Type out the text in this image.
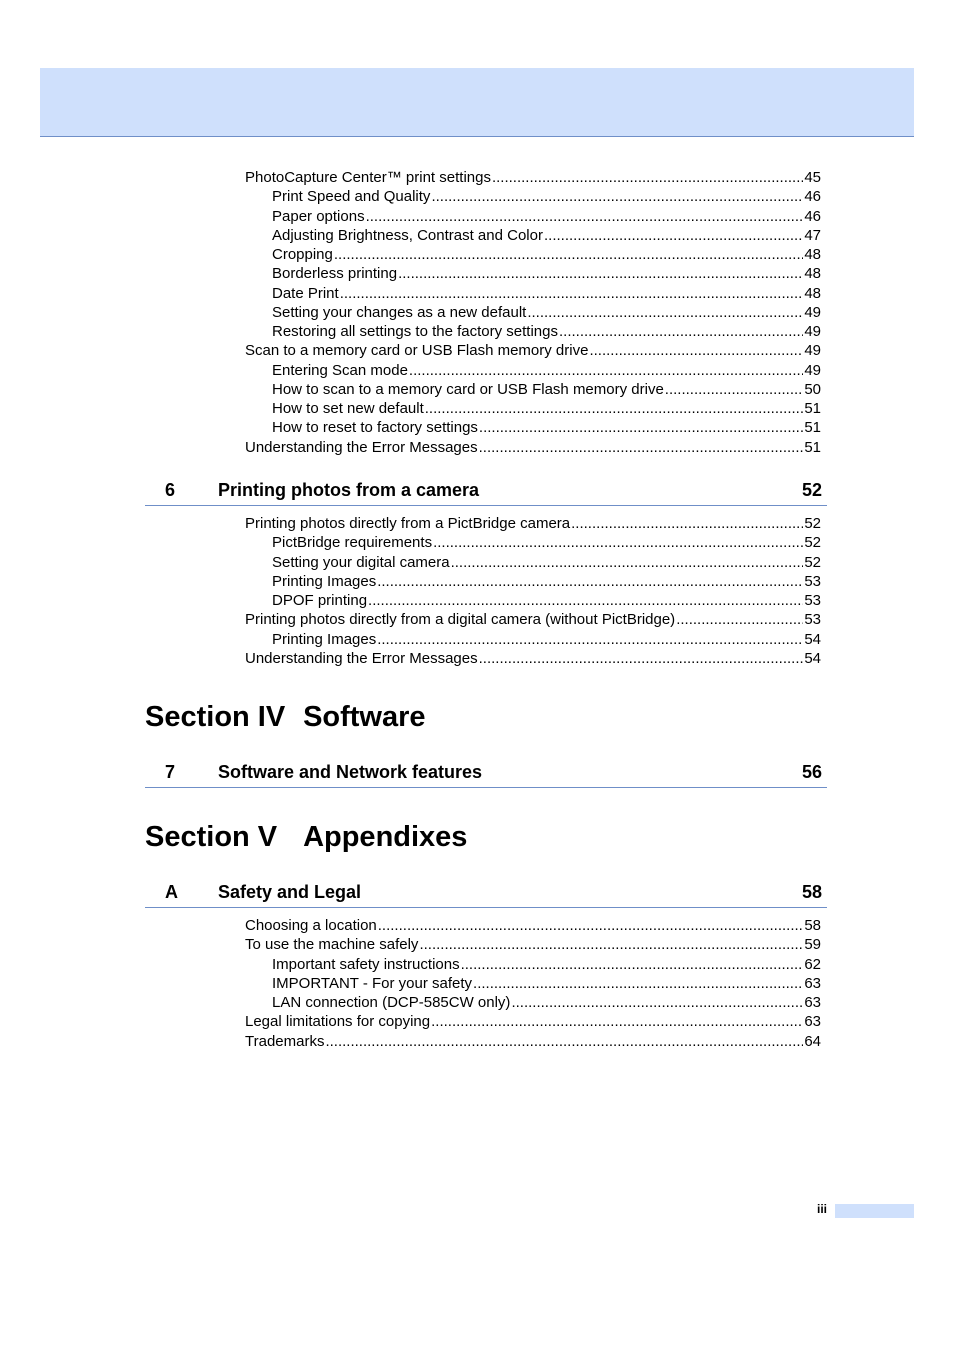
PhotoCapture Center™ print settings .....	45
Print Speed and Quality .....	46
Paper options .....	46
Adjusting Brightness, Contrast and Color .....	47
Cropping .....	48
Borderless printing .....	48
Date Print .....	48
Setting your changes as a new default .....	49
Restoring all settings to the factory settings .....	49
Scan to a memory card or USB Flash memory drive .....	49
Entering Scan mode .....	49
How to scan to a memory card or USB Flash memory drive .....	50
How to set new default .....	51
How to reset to factory settings .....	51
Understanding the Error Messages .....	51
6 Printing photos from a camera	52
Printing photos directly from a PictBridge camera .....	52
PictBridge requirements .....	52
Setting your digital camera .....	52
Printing Images .....	53
DPOF printing .....	53
Printing photos directly from a digital camera (without PictBridge) .....	53
Printing Images .....	54
Understanding the Error Messages .....	54
Section IV Software
7 Software and Network features	56
Section V Appendixes
A Safety and Legal	58
Choosing a location .....	58
To use the machine safely .....	59
Important safety instructions .....	62
IMPORTANT - For your safety .....	63
LAN connection (DCP-585CW only) .....	63
Legal limitations for copying .....	63
Trademarks .....	64
iii
